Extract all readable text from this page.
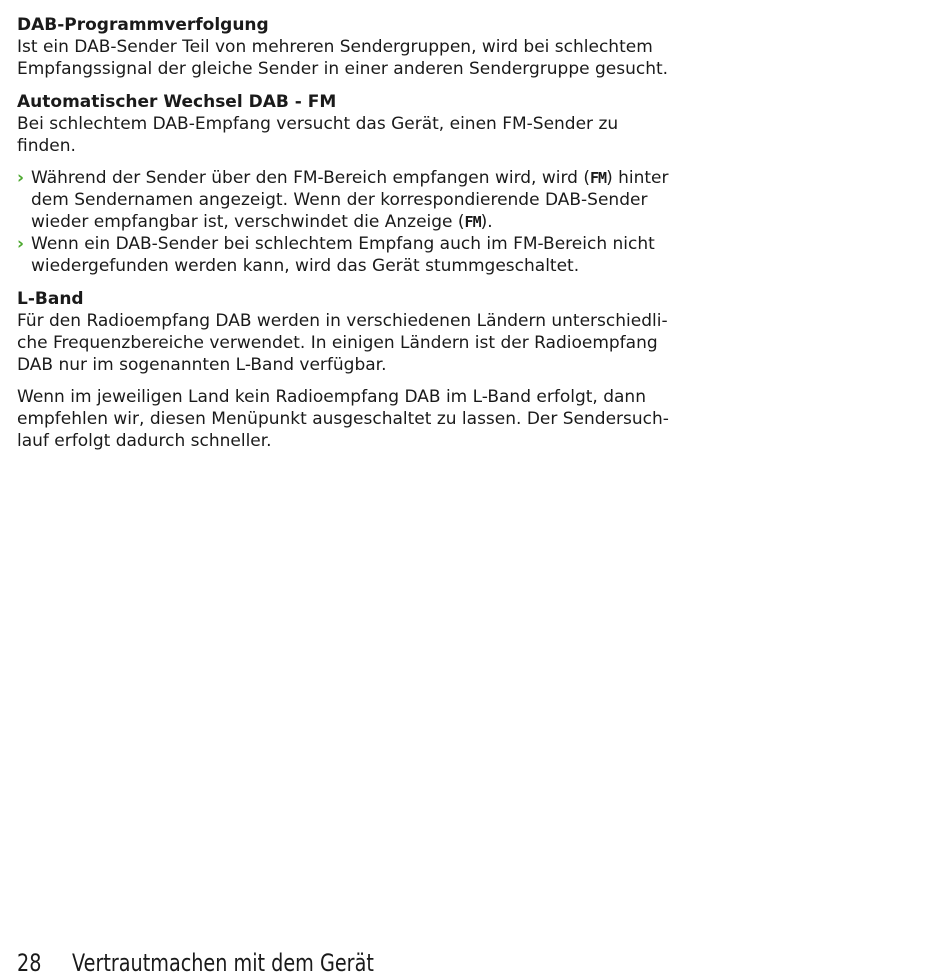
DAB-Programmverfolgung
Ist ein DAB-Sender Teil von mehreren Sendergruppen, wird bei schlechtem Empfangssignal der gleiche Sender in einer anderen Sendergruppe gesucht.
Automatischer Wechsel DAB - FM
Bei schlechtem DAB-Empfang versucht das Gerät, einen FM-Sender zu finden.
› Während der Sender über den FM-Bereich empfangen wird, wird (FM) hinter dem Sendernamen angezeigt. Wenn der korrespondierende DAB-Sender wieder empfangbar ist, verschwindet die Anzeige (FM).
› Wenn ein DAB-Sender bei schlechtem Empfang auch im FM-Bereich nicht wiedergefunden werden kann, wird das Gerät stummgeschaltet.
L-Band
Für den Radioempfang DAB werden in verschiedenen Ländern unterschiedliche Frequenzbereiche verwendet. In einigen Ländern ist der Radioempfang DAB nur im sogenannten L-Band verfügbar.
Wenn im jeweiligen Land kein Radioempfang DAB im L-Band erfolgt, dann empfehlen wir, diesen Menüpunkt ausgeschaltet zu lassen. Der Sendersuchlauf erfolgt dadurch schneller.
28 Vertrautmachen mit dem Gerät
